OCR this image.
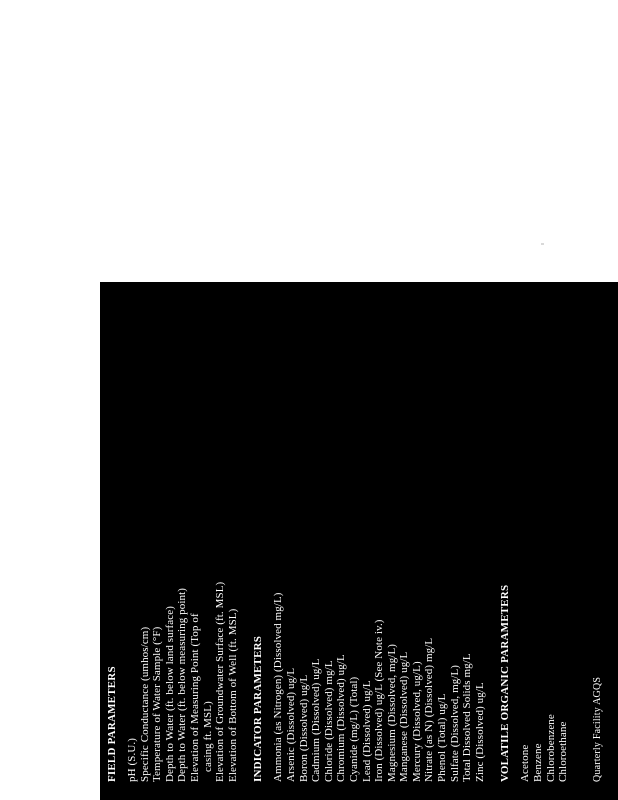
FIELD PARAMETERS pH (S.U.) Specific Conductance (umhos/cm) Temperature of Water Sample (°F) Depth to Water (ft. below land surface) Depth to Water (ft. below measuring point) Elevation of Measuring Point (Top of casing ft. MSL) Elevation of Groundwater Surface (ft. MSL) Elevation of Bottom of Well (ft. MSL) INDICATOR PARAMETERS Ammonia (as Nitrogen) (Dissolved mg/L) Arsenic (Dissolved) ug/L Boron (Dissolved) ug/L Cadmium (Dissolved) ug/L Chloride (Dissolved) mg/L Chromium (Dissolved) ug/L Cyanide (mg/L) (Total) Lead (Dissolved) ug/L Iron (Dissolved) ug/L (See Note iv.) Magnesium (Dissolved, mg/L) Manganese (Dissolved) ug/L Mercury (Dissolved, ug/L) Nitrate (as N) (Dissolved) mg/L Phenol (Total) ug/L Sulfate (Dissolved, mg/L) Total Dissolved Solids mg/L Zinc (Dissolved) ug/L VOLATILE ORGANIC PARAMETERS Acetone Benzene Chlorobenzene Chloroethane Quarterly Facility AGQS
